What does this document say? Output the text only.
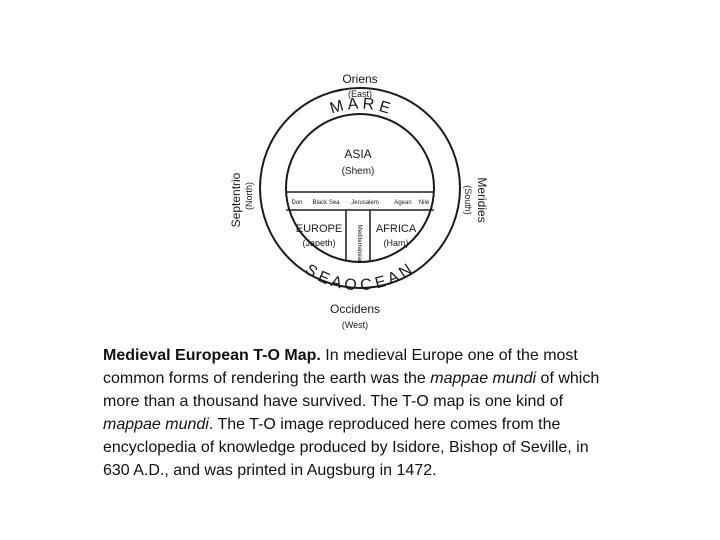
Oriens
(East)
Occidens
(West)
Septentrio (North)	Meridies
(South)
M A R E
S E A O C E A N
ASIA
(Shem)
EUROPE
(Japeth)
AFRICA
(Ham)
Don Black Sea Jerusalem	Agean Nile
Mediterranean
Medieval European T-O Map. In medieval Europe one of the most common forms of rendering the earth was the mappae mundi of which more than a thousand have survived. The T-O map is one kind of mappae mundi. The T-O image reproduced here comes from the encyclopedia of knowledge produced by Isidore, Bishop of Seville, in 630 A.D., and was printed in Augsburg in 1472.
